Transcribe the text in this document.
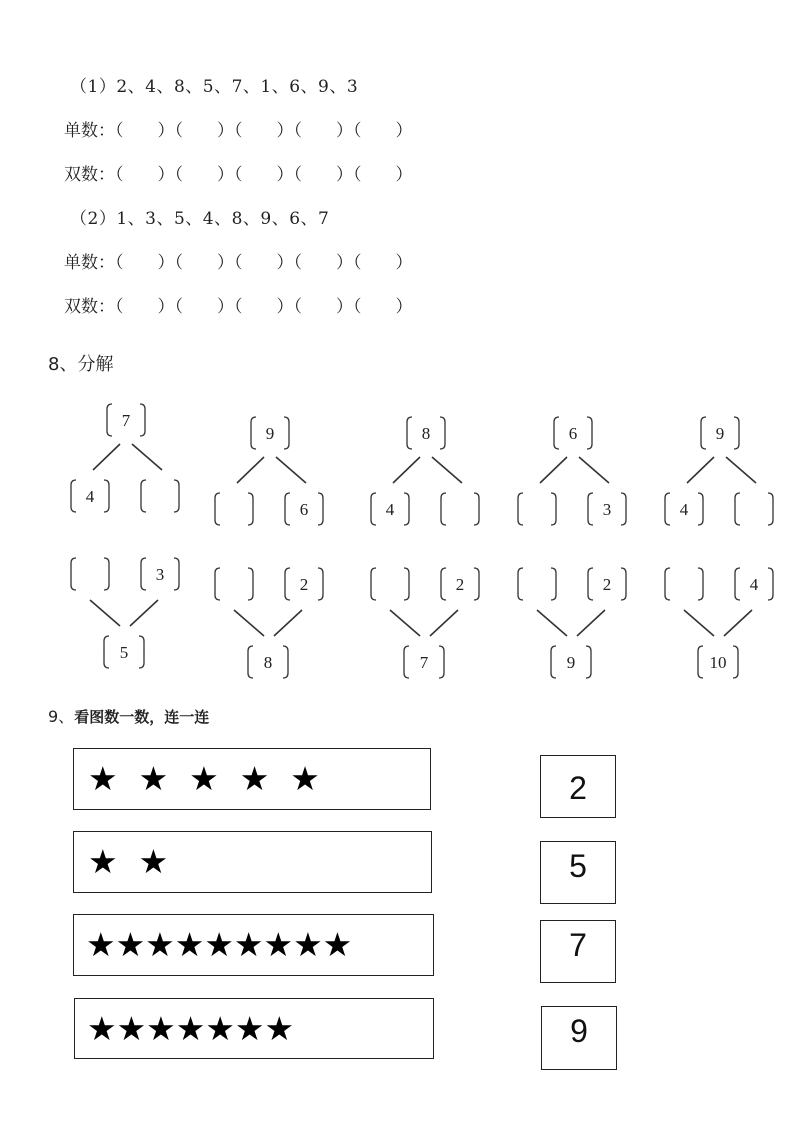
（1）2、4、8、5、7、1、6、9、3
单数：（　　）（　　）（　　）（　　）（　　）
双数：（　　）（　　）（　　）（　　）（　　）
（2）1、3、5、4、8、9、6、7
单数：（　　）（　　）（　　）（　　）（　　）
双数：（　　）（　　）（　　）（　　）（　　）
8、分解
7
4
9
6
8
4
6
3
9
4
3
5
2
8
2
7
2
9
4
10
9、看图数一数，连一连
★  ★  ★  ★  ★
★  ★
★★★★★★★★★
★★★★★★★
2
5
7
9
